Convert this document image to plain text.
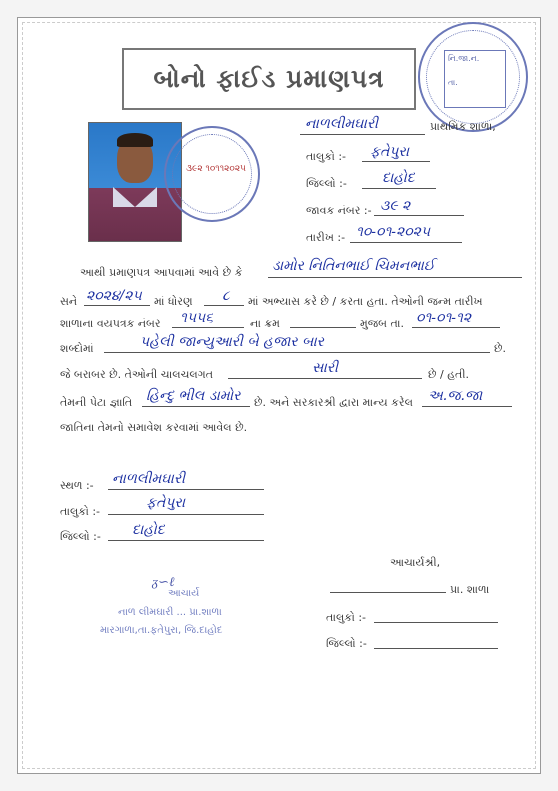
બોનો ફાઈડ પ્રમાણપત્ર
નિ.જા.ન.
તા.
૩૯૨ ૧૦૧૧૨૦૨૫
નાળલીમઘારી	પ્રાથમિક શાળા,
તાલુકો :- ફતેપુરા
જિલ્લો :-	દાહોદ
જાવક નંબર :- ૩૯ ૨
તારીખ :- ૧૦-૦૧-૨૦૨૫
આથી પ્રમાણપત્ર આપવામાં આવે છે કે ડામોર નિતિનભાઈ ચિમનભાઈ
સને ૨૦૨૪/૨૫ માં ધોરણ ૮ માં અભ્યાસ કરે છે / કરતા હતા. તેઓની જન્મ તારીખ
શાળાના વયપત્રક નંબર ૧૫૫૬	ના ક્રમ	મુજબ તા. ૦૧-૦૧-૧૨
શબ્દોમાં	પહેલી જાન્યુઆરી બે હજાર બાર	છે.
જે બરાબર છે. તેઓની ચાલચલગત	સારી	છે / હતી.
તેમની પેટા જ્ઞાતિ હિન્દુ ભીલ ડામોર છે. અને સરકારશ્રી દ્વારા માન્ય કરેલ અ.જ.જા
જાતિના તેમનો સમાવેશ કરવામાં આવેલ છે.
સ્થળ :- નાળલીમઘારી
તાલુકો :-
ફતેપુરા
જિલ્લો :- દાહોદ
ᵹ∽ℓ
આચાર્ય
નાળ લીમઘારી ... પ્રા.શાળા
મારગાળા,તા.ફતેપુરા, જિ.દાહોદ
આચાર્યશ્રી,
પ્રા. શાળા
તાલુકો :-
જિલ્લો :-
